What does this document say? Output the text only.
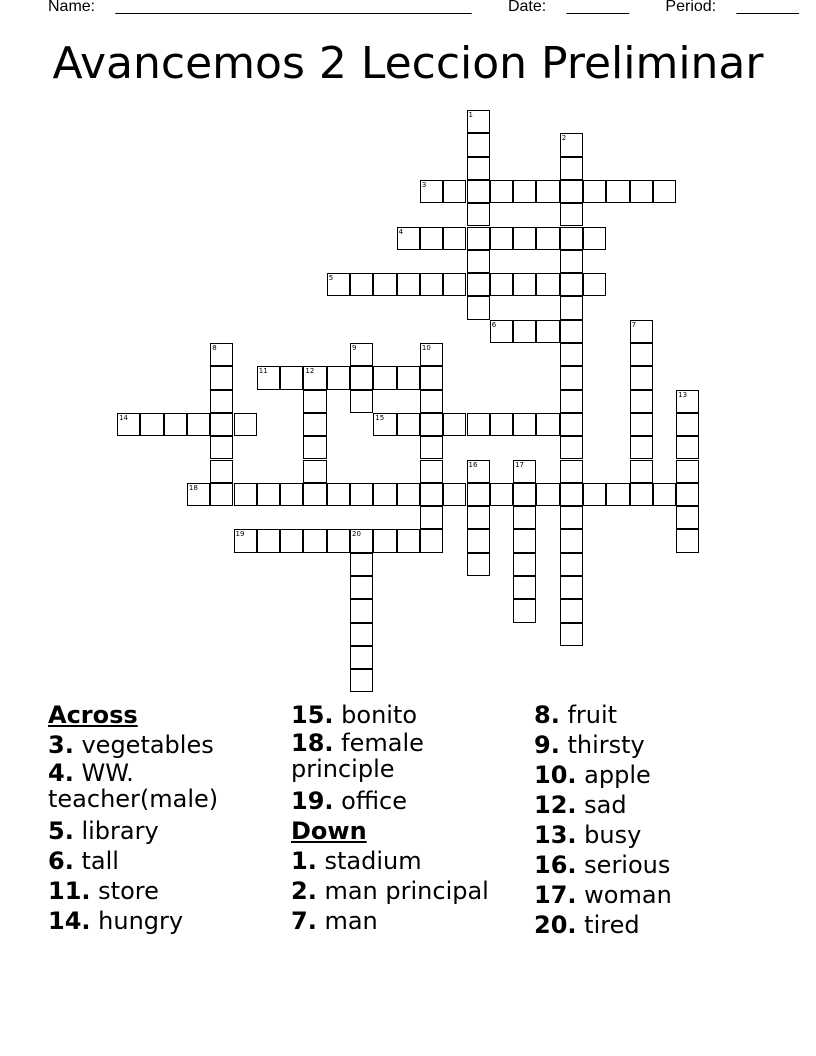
Name: ________________________________________ Date: _______ Period: _______
Avancemos 2 Leccion Preliminar
3
4
5
6
11	12
14	15
18
19	20
1
2
7
8	9	10
13
16	17
Across
3. vegetables
4. WW. teacher(male)
5. library
6. tall
11. store
14. hungry
15. bonito
18. female principle
19. office
Down
1. stadium
2. man principal
7. man
8. fruit
9. thirsty
10. apple
12. sad
13. busy
16. serious
17. woman
20. tired
